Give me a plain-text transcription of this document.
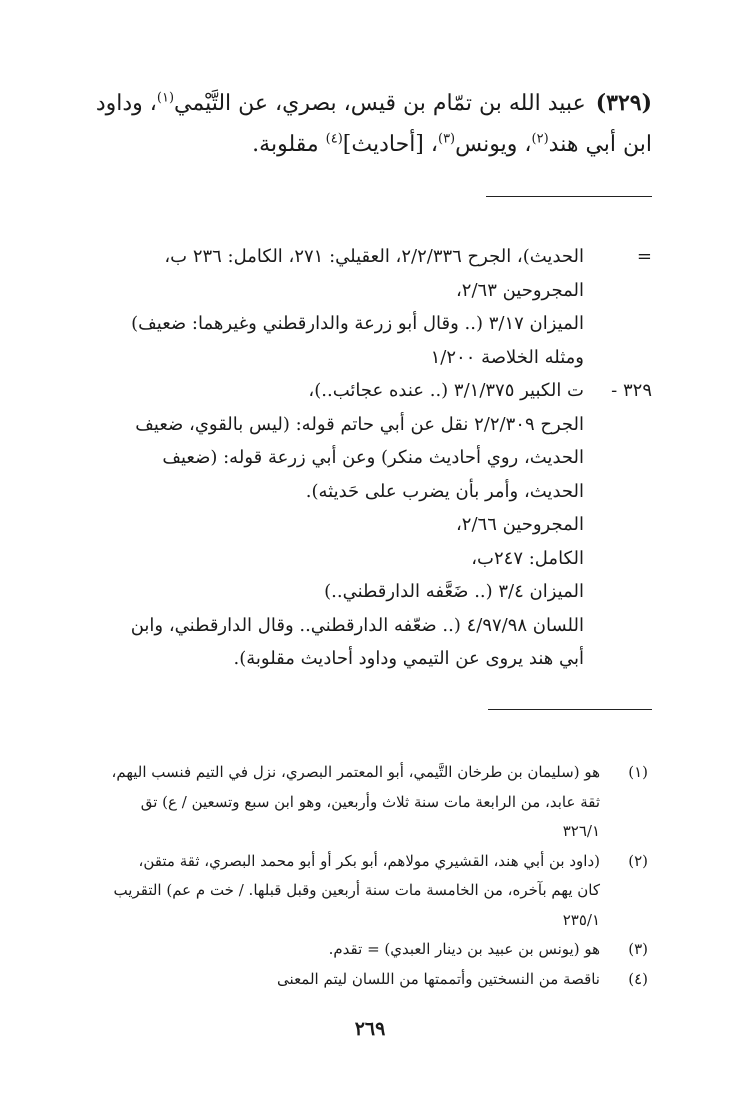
(٣٢٩)عبيد الله بن تمّام بن قيس، بصري، عن التَّيْمي$^{(١)}$، وداود
ابن أبي هند$^{(٢)}$، ويونس$^{(٣)}$، [أحاديث]$^{(٤)}$ مقلوبة.
=
الحديث)، الجرح ٢/٢/٣٣٦، العقيلي: ٢٧١، الكامل: ٢٣٦ ب،
المجروحين ٢/٦٣،
الميزان ٣/١٧ (.. وقال أبو زرعة والدارقطني وغيرهما: ضعيف)
ومثله الخلاصة ١/٢٠٠
٣٢٩ -
ت الكبير ٣/١/٣٧٥ (.. عنده عجائب..)،
الجرح ٢/٢/٣٠٩ نقل عن أبي حاتم قوله: (ليس بالقوي، ضعيف
الحديث، روي أحاديث منكر) وعن أبي زرعة قوله: (ضعيف
الحديث، وأمر بأن يضرب على حَديثه).
المجروحين ٢/٦٦،
الكامل: ٢٤٧ب،
الميزان ٣/٤ (.. ضَعَّفه الدارقطني..)
اللسان ٤/٩٧/٩٨ (.. ضعّفه الدارقطني.. وقال الدارقطني، وابن
أبي هند يروى عن التيمي وداود أحاديث مقلوبة).
(١)
هو (سليمان بن طرخان التَّيمي، أبو المعتمر البصري، نزل في التيم فنسب اليهم،
ثقة عابد، من الرابعة مات سنة ثلاث وأربعين، وهو ابن سبع وتسعين / ع) تق
٣٢٦/١
(٢)
(داود بن أبي هند، القشيري مولاهم، أبو بكر أو أبو محمد البصري، ثقة متقن،
كان يهم بآخره، من الخامسة مات سنة أربعين وقبل قبلها. / خت م عم) التقريب
٢٣٥/١
(٣)
هو (يونس بن عبيد بن دينار العبدي) = تقدم.
(٤)
ناقصة من النسختين وأتممتها من اللسان ليتم المعنى
٢٦٩
